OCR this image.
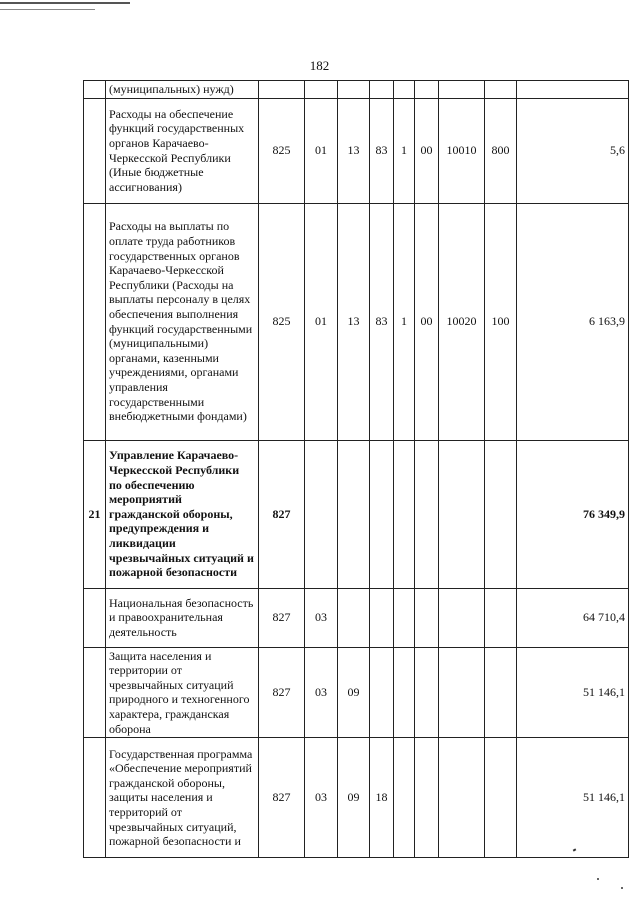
182
	(муниципальных) нужд)									
	Расходы на обеспечение функций государственных органов Карачаево-Черкесской Республики (Иные бюджетные ассигнования)	825	01	13	83	1	00	10010	800	5,6
	Расходы на выплаты по оплате труда работников государственных органов Карачаево-Черкесской Республики (Расходы на выплаты персоналу в целях обеспечения выполнения функций государственными (муниципальными) органами, казенными учреждениями, органами управления государственными внебюджетными фондами)	825	01	13	83	1	00	10020	100	6 163,9
21	Управление Карачаево-Черкесской Республики по обеспечению мероприятий гражданской обороны, предупреждения и ликвидации чрезвычайных ситуаций и пожарной безопасности	827								76 349,9
	Национальная безопасность и правоохранительная деятельность	827	03							64 710,4
	Защита населения и территории от чрезвычайных ситуаций природного и техногенного характера, гражданская оборона	827	03	09						51 146,1
	Государственная программа «Обеспечение мероприятий гражданской обороны, защиты населения и территорий от чрезвычайных ситуаций, пожарной безопасности и	827	03	09	18					51 146,1
